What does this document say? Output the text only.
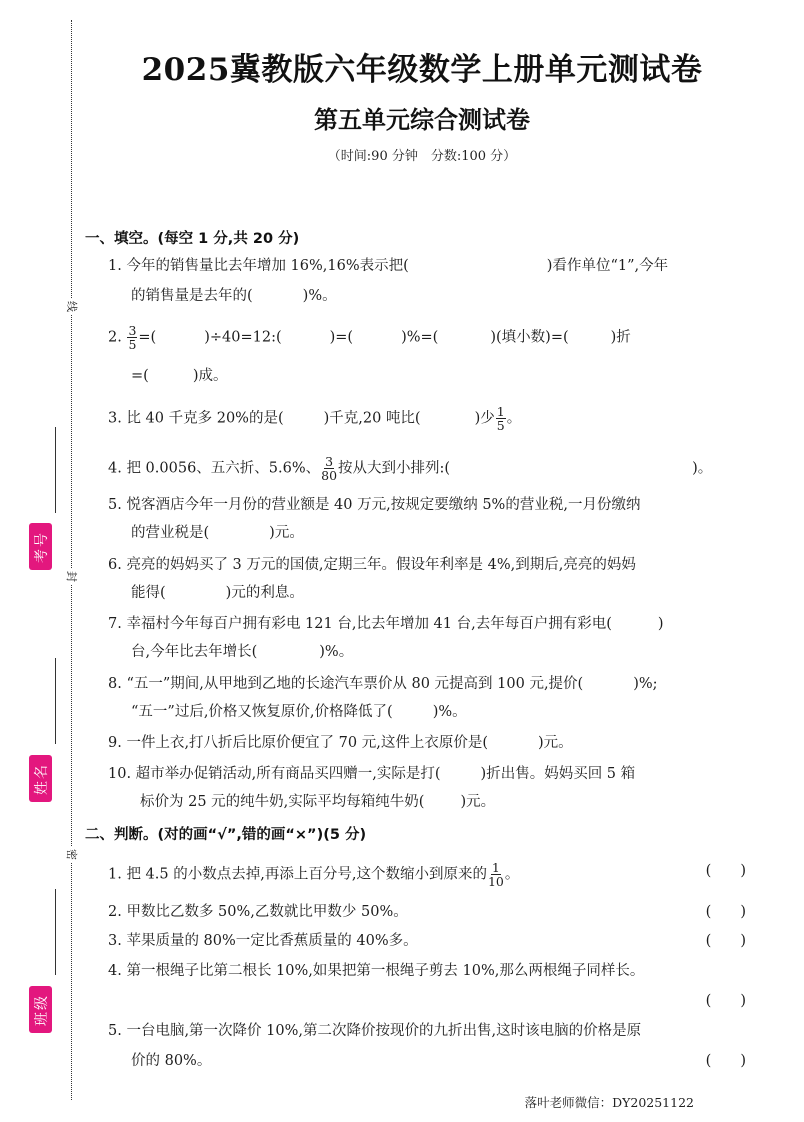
线
封
密
考号
姓名
班级
2025冀教版六年级数学上册单元测试卷
第五单元综合测试卷
（时间:90 分钟　分数:100 分）
一、填空。(每空 1 分,共 20 分)
1. 今年的销售量比去年增加 16%,16%表示把(	)看作单位“1”,今年
的销售量是去年的(	)%。
2. $\frac{3}{5}$ =(	)÷40=12:(	)=(	)%=(	)(填小数)=(	)折
=(	)成。
3. 比 40 千克多 20%的是(	)千克,20 吨比(	)少 $\frac{1}{5}$ 。
4. 把 0.0056、五六折、5.6%、 $\frac{3}{80}$ 按从大到小排列:(	)。
5. 悦客酒店今年一月份的营业额是 40 万元,按规定要缴纳 5%的营业税,一月份缴纳
的营业税是(	)元。
6. 亮亮的妈妈买了 3 万元的国债,定期三年。假设年利率是 4%,到期后,亮亮的妈妈
能得(	)元的利息。
7. 幸福村今年每百户拥有彩电 121 台,比去年增加 41 台,去年每百户拥有彩电(	)
台,今年比去年增长(	)%。
8. “五一”期间,从甲地到乙地的长途汽车票价从 80 元提高到 100 元,提价(	)%;
“五一”过后,价格又恢复原价,价格降低了(	)%。
9. 一件上衣,打八折后比原价便宜了 70 元,这件上衣原价是(	)元。
10. 超市举办促销活动,所有商品买四赠一,实际是打(	)折出售。妈妈买回 5 箱
标价为 25 元的纯牛奶,实际平均每箱纯牛奶( )元。
二、判断。(对的画“√”,错的画“×”)(5 分)
1. 把 4.5 的小数点去掉,再添上百分号,这个数缩小到原来的 $\frac{1}{10}$ 。	(　　)
2. 甲数比乙数多 50%,乙数就比甲数少 50%。	(　　)
3. 苹果质量的 80%一定比香蕉质量的 40%多。	(　　)
4. 第一根绳子比第二根长 10%,如果把第一根绳子剪去 10%,那么两根绳子同样长。
(　　)
5. 一台电脑,第一次降价 10%,第二次降价按现价的九折出售,这时该电脑的价格是原
价的 80%。	(　　)
落叶老师微信：DY20251122
